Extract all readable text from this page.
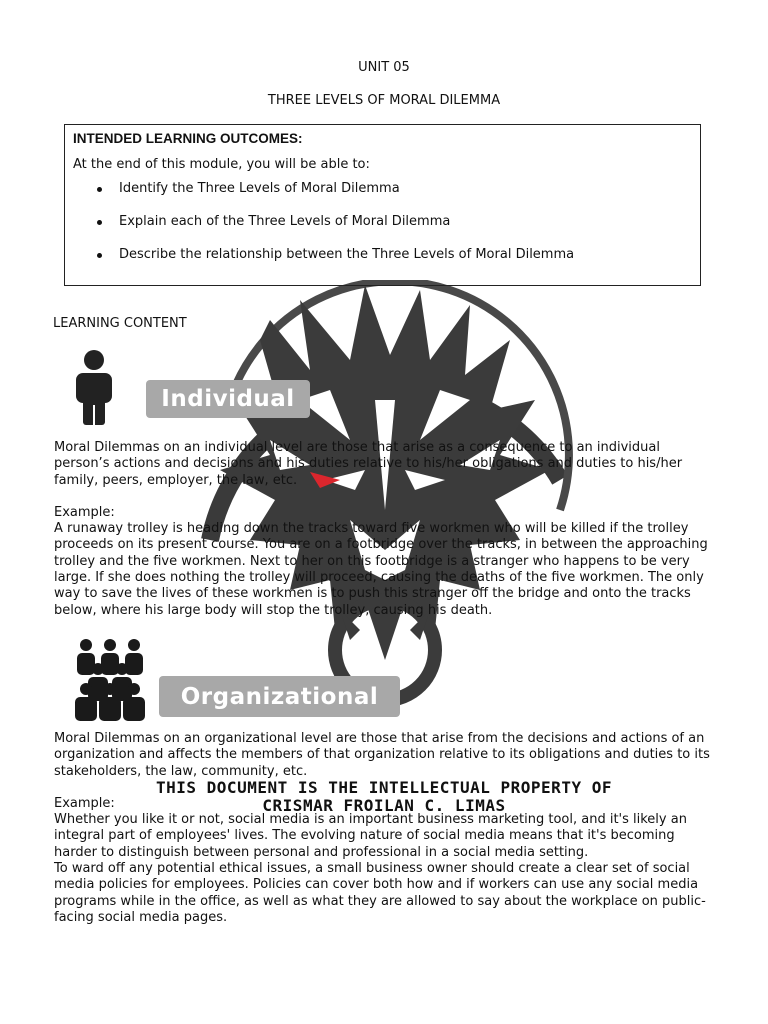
UNIT 05
THREE LEVELS OF MORAL DILEMMA
INTENDED LEARNING OUTCOMES:
At the end of this module, you will be able to:
Identify the Three Levels of Moral Dilemma
Explain each of the Three Levels of Moral Dilemma
Describe the relationship between the Three Levels of Moral Dilemma
LEARNING CONTENT
Individual

Moral Dilemmas on an individual level are those that arise as a consequence to an individual person’s actions and decisions and his duties relative to his/her obligations and duties to his/her family, peers, employer, the law, etc.

Example:

A runaway trolley is heading down the tracks toward five workmen who will be killed if the trolley proceeds on its present course. You are on a footbridge over the tracks, in between the approaching trolley and the five workmen. Next to her on this footbridge is a stranger who happens to be very large. If she does nothing the trolley will proceed, causing the deaths of the five workmen. The only way to save the lives of these workmen is to push this stranger off the bridge and onto the tracks below, where his large body will stop the trolley, causing his death.

Organizational

Moral Dilemmas on an organizational level are those that arise from the decisions and actions of an organization and affects the members of that organization relative to its obligations and duties to its stakeholders, the law, community, etc.

Example:

Whether you like it or not, social media is an important business marketing tool, and it's likely an integral part of employees' lives. The evolving nature of social media means that it's becoming harder to distinguish between personal and professional in a social media setting.

To ward off any potential ethical issues, a small business owner should create a clear set of social media policies for employees. Policies can cover both how and if workers can use any social media programs while in the office, as well as what they are allowed to say about the workplace on public-facing social media pages.

THIS DOCUMENT IS THE INTELLECTUAL PROPERTY OF
CRISMAR FROILAN C. LIMAS
